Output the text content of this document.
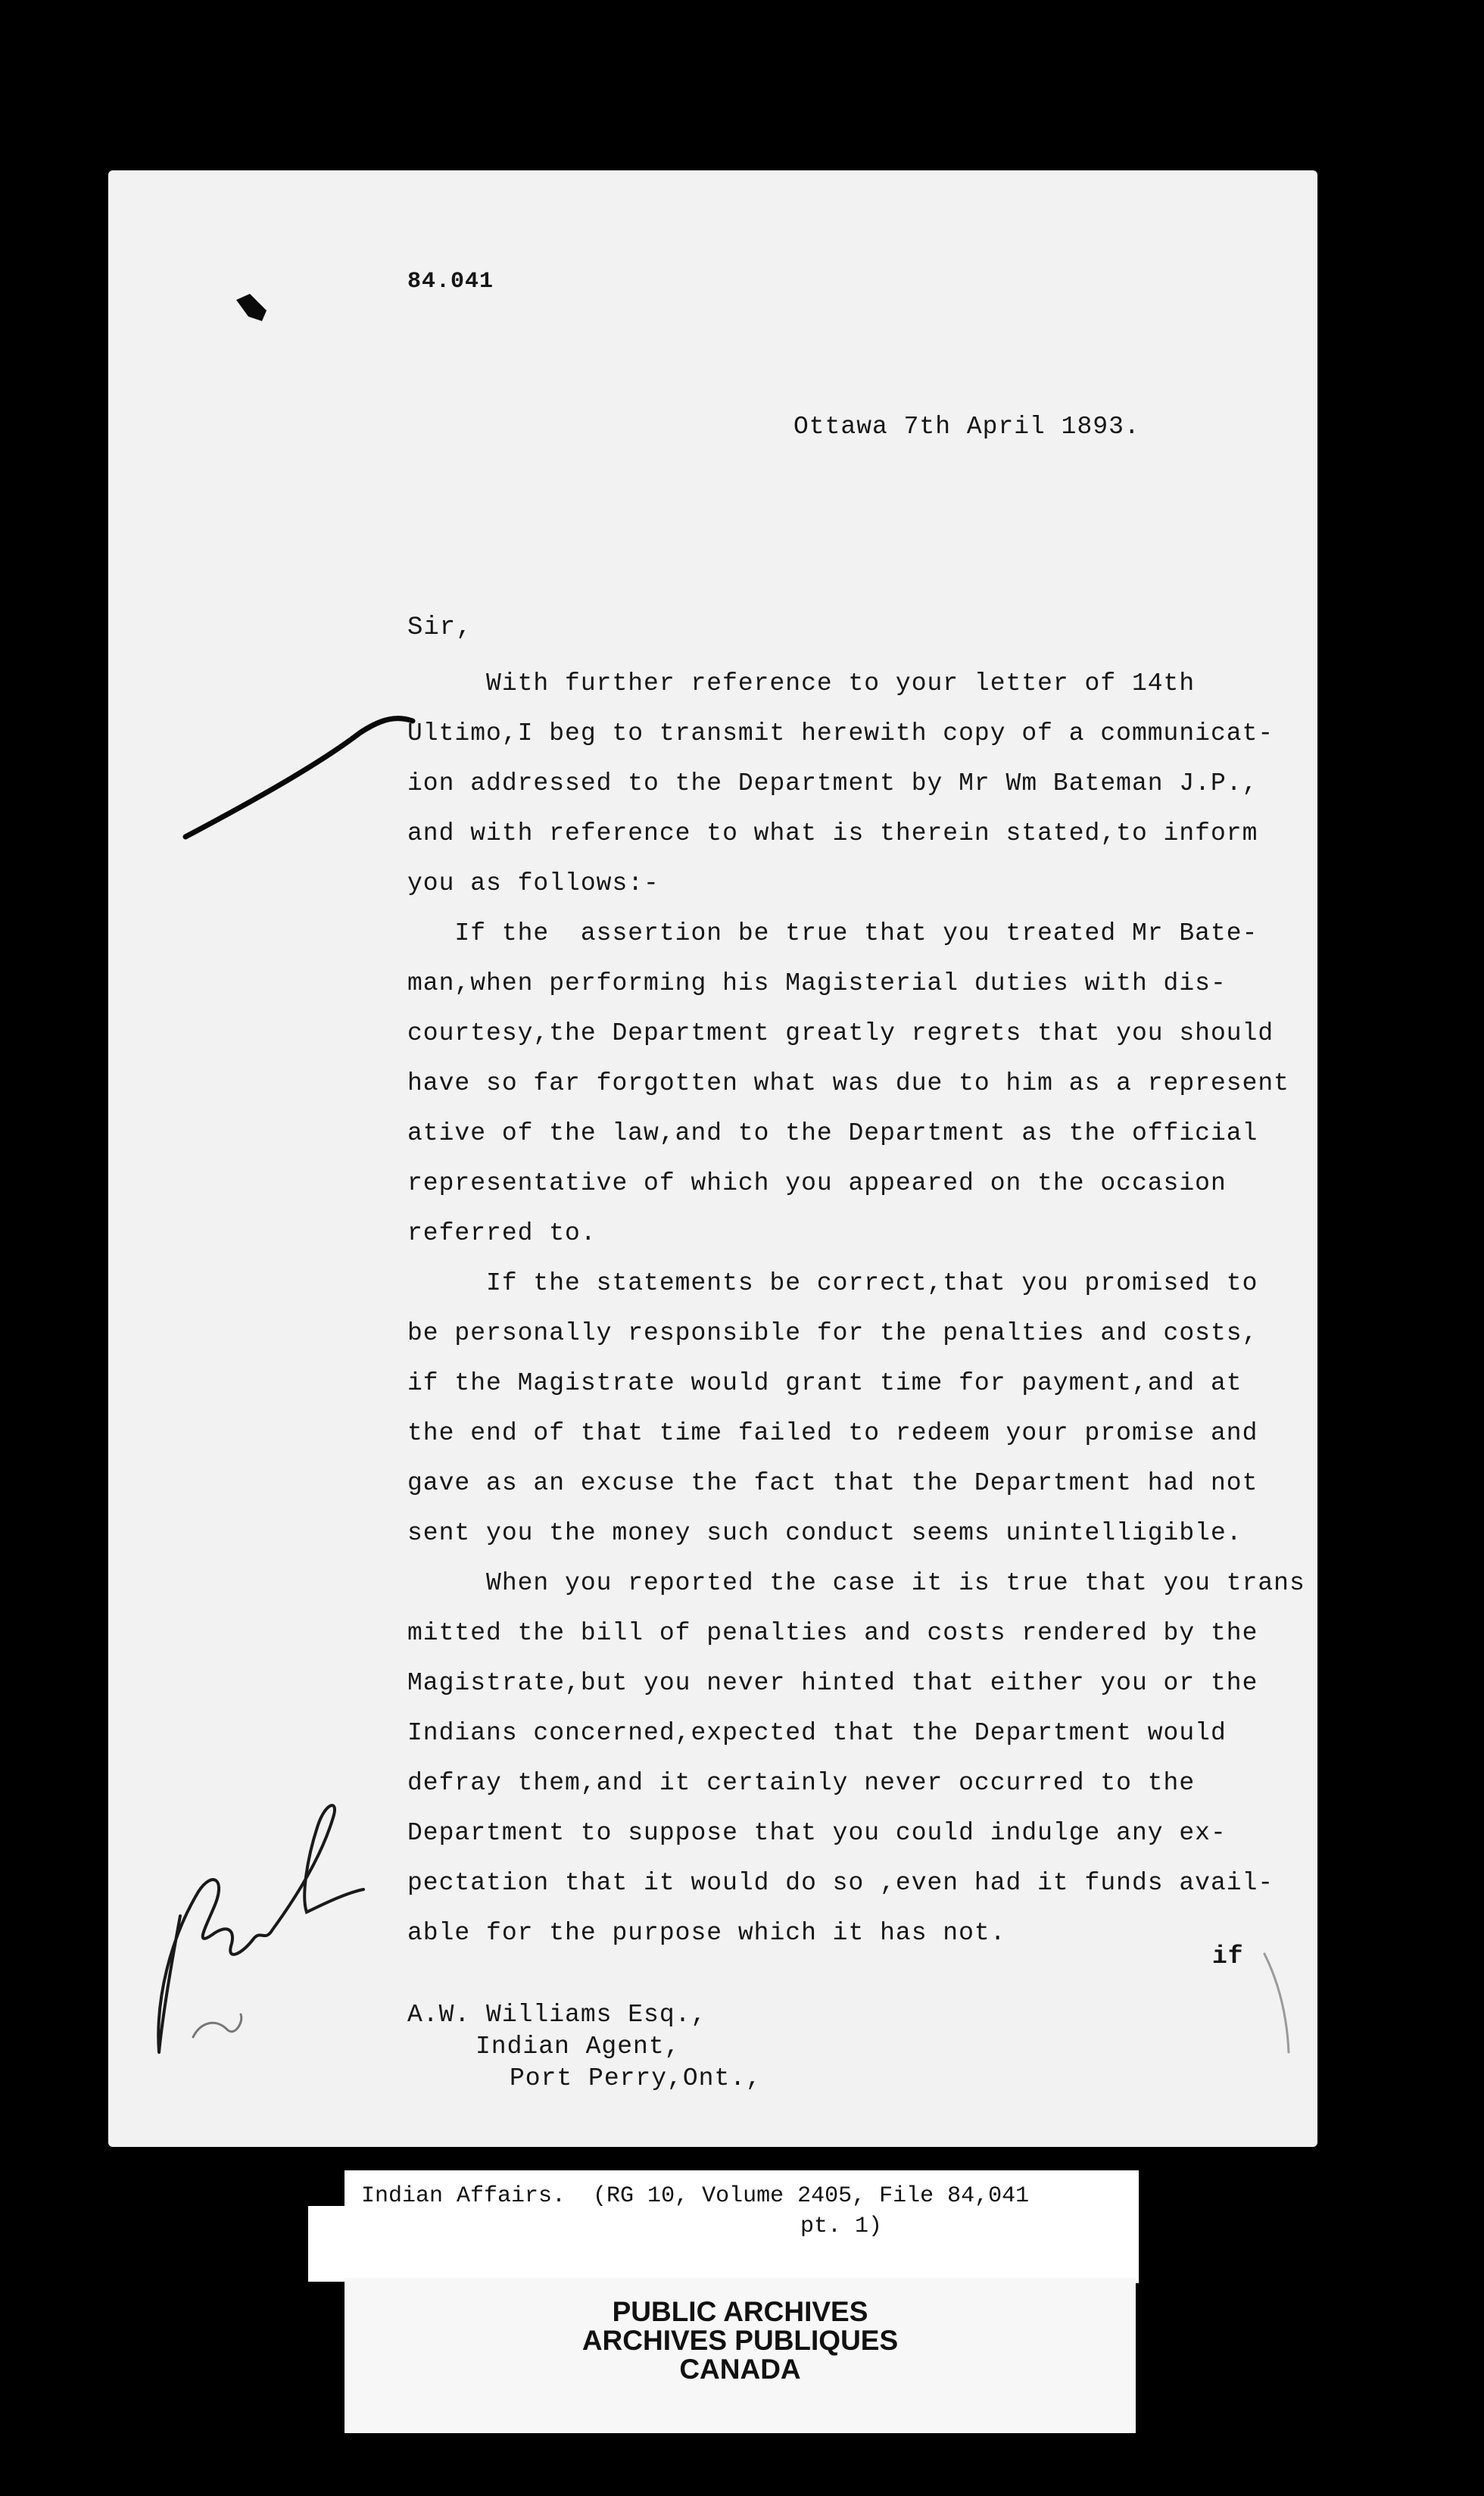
84.041
Ottawa 7th April 1893.
Sir,
With further reference to your letter of 14th
Ultimo,I beg to transmit herewith copy of a communicat-
ion addressed to the Department by Mr Wm Bateman J.P.,
and with reference to what is therein stated,to inform
you as follows:-
If the  assertion be true that you treated Mr Bate-
man,when performing his Magisterial duties with dis-
courtesy,the Department greatly regrets that you should
have so far forgotten what was due to him as a represent
ative of the law,and to the Department as the official
representative of which you appeared on the occasion
referred to.
If the statements be correct,that you promised to
be personally responsible for the penalties and costs,
if the Magistrate would grant time for payment,and at
the end of that time failed to redeem your promise and
gave as an excuse the fact that the Department had not
sent you the money such conduct seems unintelligible.
When you reported the case it is true that you trans
mitted the bill of penalties and costs rendered by the
Magistrate,but you never hinted that either you or the
Indians concerned,expected that the Department would
defray them,and it certainly never occurred to the
Department to suppose that you could indulge any ex-
pectation that it would do so ,even had it funds avail-
able for the purpose which it has not.
if
A.W. Williams Esq.,
Indian Agent,
Port Perry,Ont.,
Indian Affairs.  (RG 10, Volume 2405, File 84,041
pt. 1)
PUBLIC ARCHIVES
ARCHIVES PUBLIQUES
CANADA
